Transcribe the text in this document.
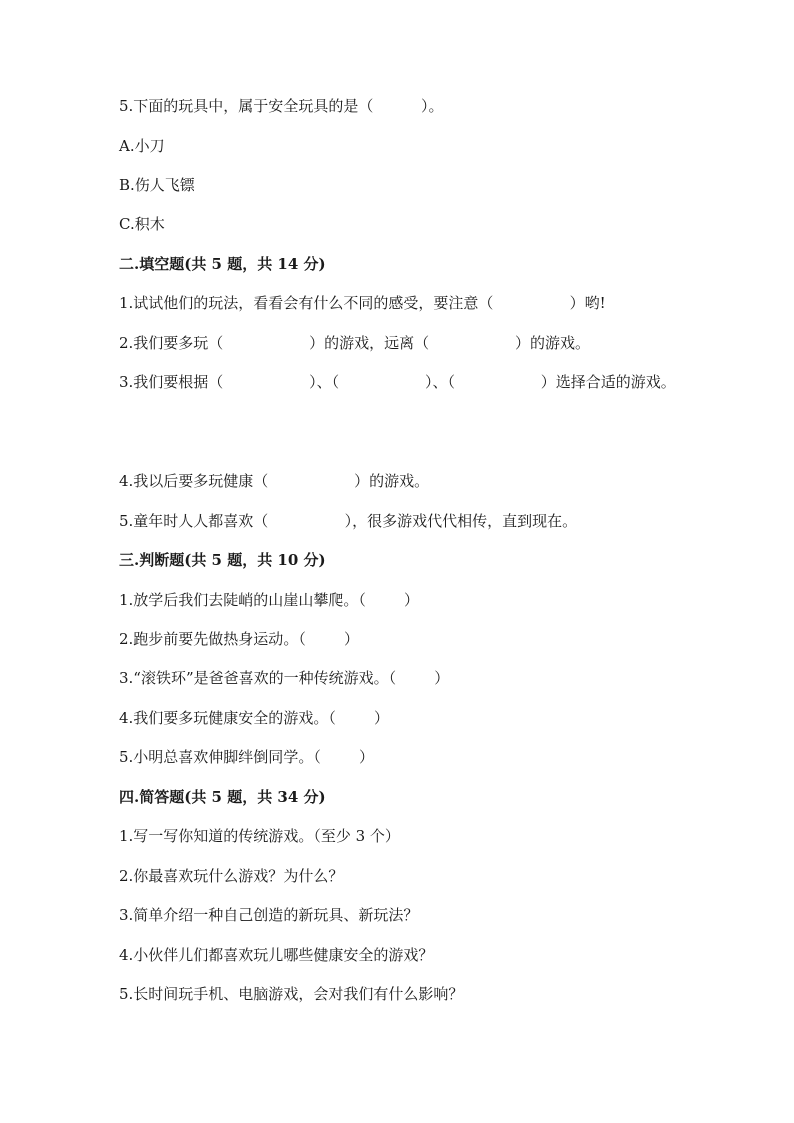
5.下面的玩具中，属于安全玩具的是（          ）。
A.小刀
B.伤人飞镖
C.积木
二.填空题(共 5 题，共 14 分)
1.试试他们的玩法，看看会有什么不同的感受，要注意（                ）哟!
2.我们要多玩（                  ）的游戏，远离（                  ）的游戏。
3.我们要根据（                  ）、（                  ）、（                  ）选择合适的游戏。
4.我以后要多玩健康（                  ）的游戏。
5.童年时人人都喜欢（                ），很多游戏代代相传，直到现在。
三.判断题(共 5 题，共 10 分)
1.放学后我们去陡峭的山崖山攀爬。（        ）
2.跑步前要先做热身运动。（        ）
3.“滚铁环”是爸爸喜欢的一种传统游戏。（        ）
4.我们要多玩健康安全的游戏。（        ）
5.小明总喜欢伸脚绊倒同学。（        ）
四.简答题(共 5 题，共 34 分)
1.写一写你知道的传统游戏。（至少 3 个）
2.你最喜欢玩什么游戏？为什么？
3.简单介绍一种自己创造的新玩具、新玩法？
4.小伙伴儿们都喜欢玩儿哪些健康安全的游戏？
5.长时间玩手机、电脑游戏，会对我们有什么影响？
